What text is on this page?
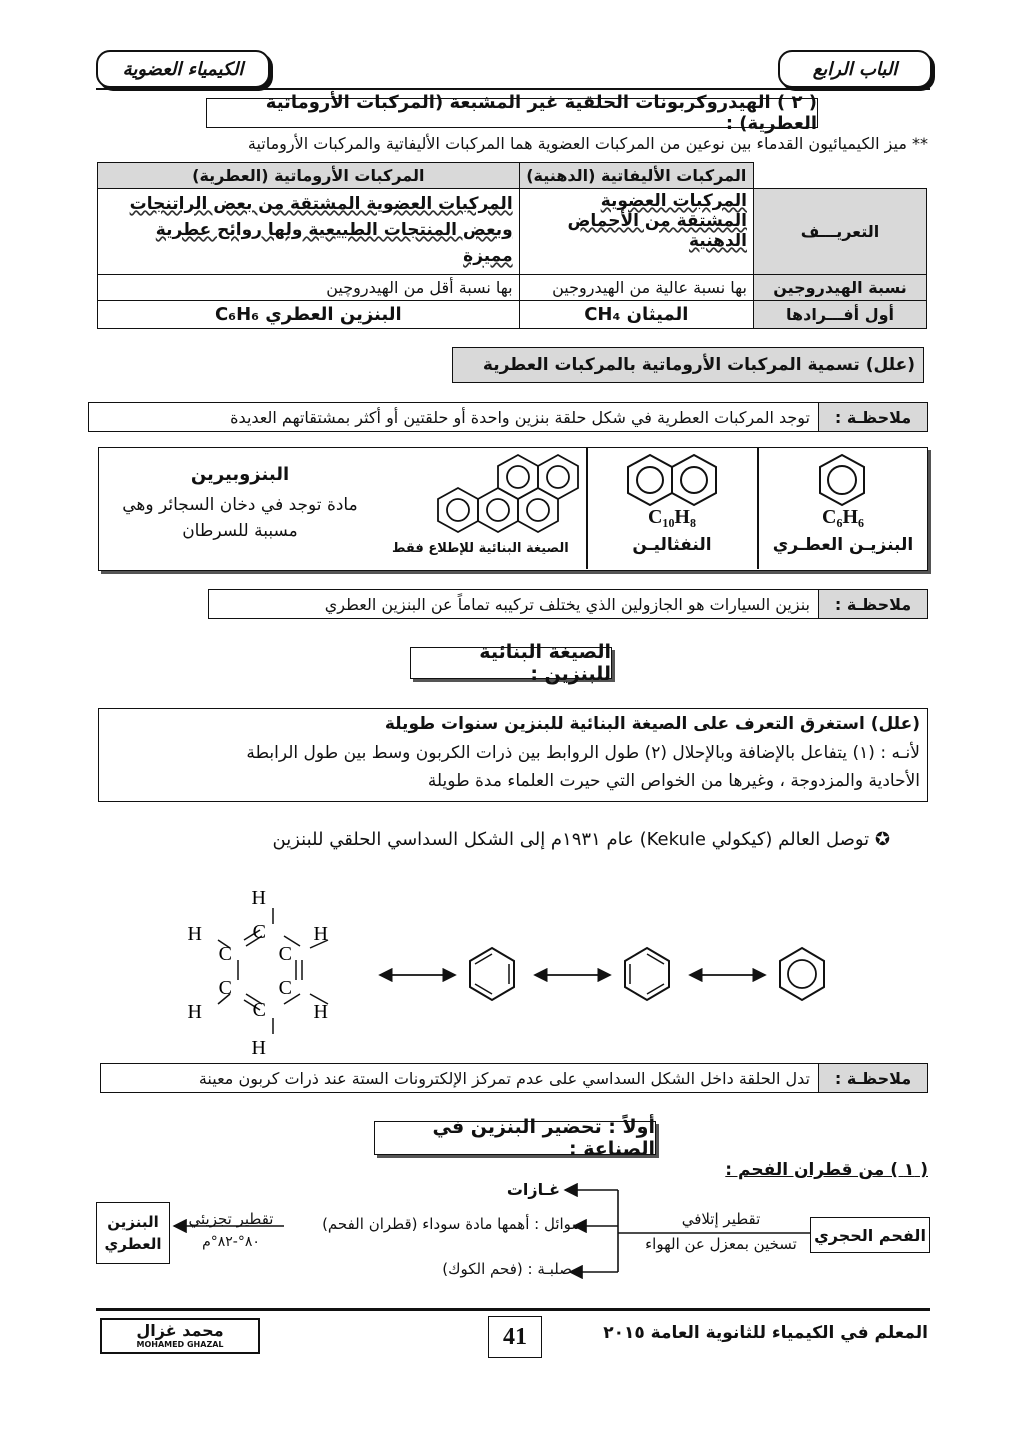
الباب الرابع
الكيمياء العضوية
( ٢ ) الهيدروكربونات الحلقية غير المشبعة (المركبات الأروماتية العطرية) :
** ميز الكيميائيون القدماء بين نوعين من المركبات العضوية هما المركبات الأليفاتية والمركبات الأروماتية
	المركبات الأليفاتية (الدهنية)	المركبات الأروماتية (العطرية)
التعريـــف	المركبات العضوية المشتقة من الأحماض الدهنية	المركبات العضوية المشتقة من بعض الراتنجات وبعض المنتجات الطبيعية ولها روائح عطرية مميزة
نسبة الهيدروجين	بها نسبة عالية من الهيدروجين	بها نسبة أقل من الهيدروچين
أول أفـــرادها	الميثان CH₄	البنزين العطري C₆H₆
(علل) تسمية المركبات الأروماتية بالمركبات العطرية
ملاحظـة :
توجد المركبات العطرية في شكل حلقة بنزين واحدة أو حلقتين أو أكثر بمشتقاتهم العديدة
C₆H₆
البنزيـن العطـري
C₁₀H₈
النفثاليـن
الصيغة البنائية للإطلاع فقط
البنزوبيرين
مادة توجد في دخان السجائر وهي مسببة للسرطان
ملاحظـة :
بنزين السيارات هو الجازولين الذي يختلف تركيبه تماماً عن البنزين العطري
الصيغة البنائية للبنزين :
(علل) استغرق التعرف على الصيغة البنائية للبنزين سنوات طويلة
لأنـه : (١) يتفاعل بالإضافة وبالإحلال (٢) طول الروابط بين ذرات الكربون وسط بين طول الرابطة
الأحادية والمزدوجة ، وغيرها من الخواص التي حيرت العلماء مدة طويلة
✪ توصل العالم (كيكولي Kekule) عام ١٩٣١م إلى الشكل السداسي الحلقي للبنزين
H
C
C C
C C
C
H
H	H
H	H
ملاحظـة :
تدل الحلقة داخل الشكل السداسي على عدم تمركز الإلكترونات الستة عند ذرات كربون معينة
أولاً : تحضير البنزين في الصناعة :
( ١ ) من قطران الفحم :
الفحم الحجري
تقطير إتلافي
تسخين بمعزل عن الهواء
غـازات
سوائل : أهمها مادة سوداء (قطران الفحم)
صلبـة : (فحم الكوك)
تقطير تجزيئي
٨٠°-٨٢°م
البنزين
العطري
المعلم في الكيمياء للثانوية العامة ٢٠١٥
41
محمد غزال
MOHAMED GHAZAL
